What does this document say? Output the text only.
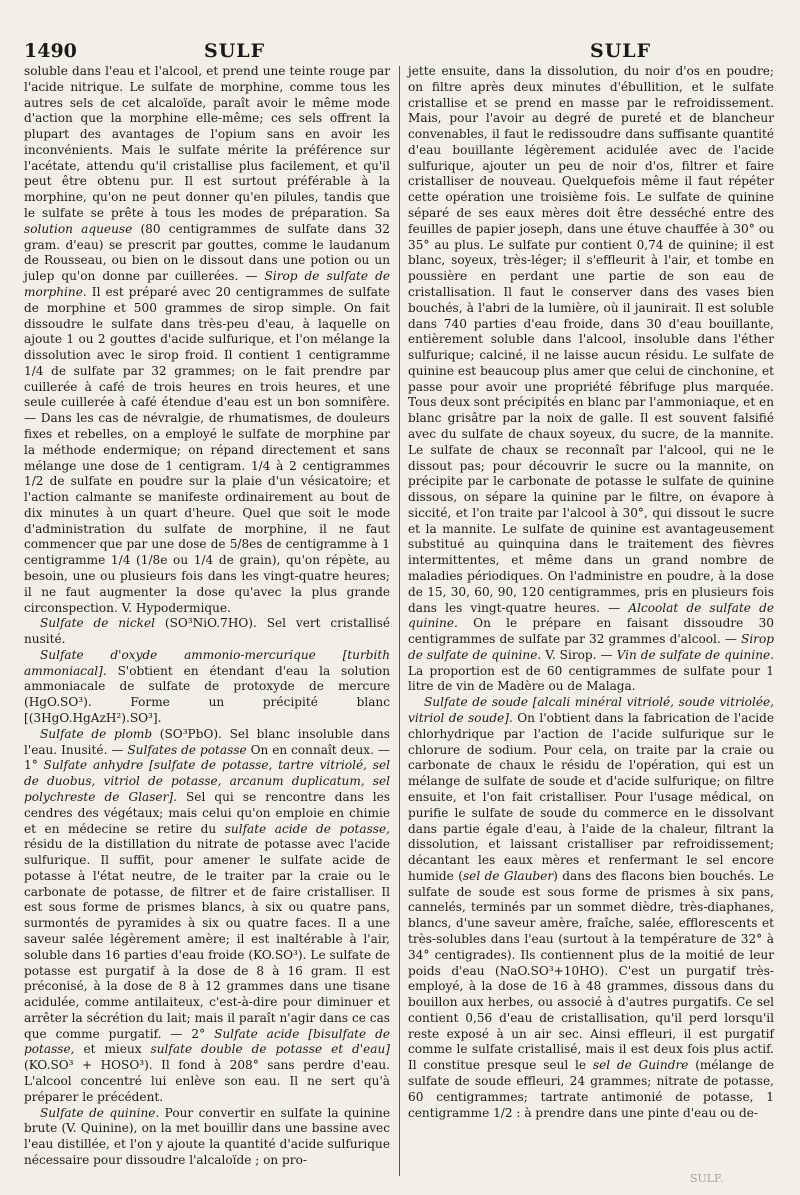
1490	SULF	SULF

soluble dans l'eau et l'alcool, et prend une teinte rouge par l'acide nitrique. Le sulfate de morphine, comme tous les autres sels de cet alcaloïde, paraît avoir le même mode d'action que la morphine elle-même; ces sels offrent la plupart des avantages de l'opium sans en avoir les inconvénients. Mais le sulfate mérite la préférence sur l'acétate, attendu qu'il cristallise plus facilement, et qu'il peut être obtenu pur. Il est surtout préférable à la morphine, qu'on ne peut donner qu'en pilules, tandis que le sulfate se prête à tous les modes de préparation. Sa solution aqueuse (80 centigrammes de sulfate dans 32 gram. d'eau) se prescrit par gouttes, comme le laudanum de Rousseau, ou bien on le dissout dans une potion ou un julep qu'on donne par cuillerées. — Sirop de sulfate de morphine. Il est préparé avec 20 centigrammes de sulfate de morphine et 500 grammes de sirop simple. On fait dissoudre le sulfate dans très-peu d'eau, à laquelle on ajoute 1 ou 2 gouttes d'acide sulfurique, et l'on mélange la dissolution avec le sirop froid. Il contient 1 centigramme 1/4 de sulfate par 32 grammes; on le fait prendre par cuillerée à café de trois heures en trois heures, et une seule cuillerée à café étendue d'eau est un bon somnifère. — Dans les cas de névralgie, de rhumatismes, de douleurs fixes et rebelles, on a employé le sulfate de morphine par la méthode endermique; on répand directement et sans mélange une dose de 1 centigram. 1/4 à 2 centigrammes 1/2 de sulfate en poudre sur la plaie d'un vésicatoire; et l'action calmante se manifeste ordinairement au bout de dix minutes à un quart d'heure. Quel que soit le mode d'administration du sulfate de morphine, il ne faut commencer que par une dose de 5/8es de centigramme à 1 centigramme 1/4 (1/8e ou 1/4 de grain), qu'on répète, au besoin, une ou plusieurs fois dans les vingt-quatre heures; il ne faut augmenter la dose qu'avec la plus grande circonspection. V. Hypodermique.

Sulfate de nickel (SO³NiO.7HO). Sel vert cristallisé nusité.

Sulfate d'oxyde ammonio-mercurique [turbith ammoniacal]. S'obtient en étendant d'eau la solution ammoniacale de sulfate de protoxyde de mercure (HgO.SO³). Forme un précipité blanc [(3HgO.HgAzH²).SO³].

Sulfate de plomb (SO³PbO). Sel blanc insoluble dans l'eau. Inusité. — Sulfates de potasse On en connaît deux. — 1° Sulfate anhydre [sulfate de potasse, tartre vitriolé, sel de duobus, vitriol de potasse, arcanum duplicatum, sel polychreste de Glaser]. Sel qui se rencontre dans les cendres des végétaux; mais celui qu'on emploie en chimie et en médecine se retire du sulfate acide de potasse, résidu de la distillation du nitrate de potasse avec l'acide sulfurique. Il suffit, pour amener le sulfate acide de potasse à l'état neutre, de le traiter par la craie ou le carbonate de potasse, de filtrer et de faire cristalliser. Il est sous forme de prismes blancs, à six ou quatre pans, surmontés de pyramides à six ou quatre faces. Il a une saveur salée légèrement amère; il est inaltérable à l'air, soluble dans 16 parties d'eau froide (KO.SO³). Le sulfate de potasse est purgatif à la dose de 8 à 16 gram. Il est préconisé, à la dose de 8 à 12 grammes dans une tisane acidulée, comme antilaiteux, c'est-à-dire pour diminuer et arrêter la sécrétion du lait; mais il paraît n'agir dans ce cas que comme purgatif. — 2° Sulfate acide [bisulfate de potasse, et mieux sulfate double de potasse et d'eau] (KO.SO³ + HOSO³). Il fond à 208° sans perdre d'eau. L'alcool concentré lui enlève son eau. Il ne sert qu'à préparer le précédent.

Sulfate de quinine. Pour convertir en sulfate la quinine brute (V. Quinine), on la met bouillir dans une bassine avec l'eau distillée, et l'on y ajoute la quantité d'acide sulfurique nécessaire pour dissoudre l'alcaloïde ; on pro-

jette ensuite, dans la dissolution, du noir d'os en poudre; on filtre après deux minutes d'ébullition, et le sulfate cristallise et se prend en masse par le refroidissement. Mais, pour l'avoir au degré de pureté et de blancheur convenables, il faut le redissoudre dans suffisante quantité d'eau bouillante légèrement acidulée avec de l'acide sulfurique, ajouter un peu de noir d'os, filtrer et faire cristalliser de nouveau. Quelquefois même il faut répéter cette opération une troisième fois. Le sulfate de quinine séparé de ses eaux mères doit être desséché entre des feuilles de papier joseph, dans une étuve chauffée à 30° ou 35° au plus. Le sulfate pur contient 0,74 de quinine; il est blanc, soyeux, très-léger; il s'effleurit à l'air, et tombe en poussière en perdant une partie de son eau de cristallisation. Il faut le conserver dans des vases bien bouchés, à l'abri de la lumière, où il jaunirait. Il est soluble dans 740 parties d'eau froide, dans 30 d'eau bouillante, entièrement soluble dans l'alcool, insoluble dans l'éther sulfurique; calciné, il ne laisse aucun résidu. Le sulfate de quinine est beaucoup plus amer que celui de cinchonine, et passe pour avoir une propriété fébrifuge plus marquée. Tous deux sont précipités en blanc par l'ammoniaque, et en blanc grisâtre par la noix de galle. Il est souvent falsifié avec du sulfate de chaux soyeux, du sucre, de la mannite. Le sulfate de chaux se reconnaît par l'alcool, qui ne le dissout pas; pour découvrir le sucre ou la mannite, on précipite par le carbonate de potasse le sulfate de quinine dissous, on sépare la quinine par le filtre, on évapore à siccité, et l'on traite par l'alcool à 30°, qui dissout le sucre et la mannite. Le sulfate de quinine est avantageusement substitué au quinquina dans le traitement des fièvres intermittentes, et même dans un grand nombre de maladies périodiques. On l'administre en poudre, à la dose de 15, 30, 60, 90, 120 centigrammes, pris en plusieurs fois dans les vingt-quatre heures. — Alcoolat de sulfate de quinine. On le prépare en faisant dissoudre 30 centigrammes de sulfate par 32 grammes d'alcool. — Sirop de sulfate de quinine. V. Sirop. — Vin de sulfate de quinine. La proportion est de 60 centigrammes de sulfate pour 1 litre de vin de Madère ou de Malaga.

Sulfate de soude [alcali minéral vitriolé, soude vitriolée, vitriol de soude]. On l'obtient dans la fabrication de l'acide chlorhydrique par l'action de l'acide sulfurique sur le chlorure de sodium. Pour cela, on traite par la craie ou carbonate de chaux le résidu de l'opération, qui est un mélange de sulfate de soude et d'acide sulfurique; on filtre ensuite, et l'on fait cristalliser. Pour l'usage médical, on purifie le sulfate de soude du commerce en le dissolvant dans partie égale d'eau, à l'aide de la chaleur, filtrant la dissolution, et laissant cristalliser par refroidissement; décantant les eaux mères et renfermant le sel encore humide (sel de Glauber) dans des flacons bien bouchés. Le sulfate de soude est sous forme de prismes à six pans, cannelés, terminés par un sommet dièdre, très-diaphanes, blancs, d'une saveur amère, fraîche, salée, efflorescents et très-solubles dans l'eau (surtout à la température de 32° à 34° centigrades). Ils contiennent plus de la moitié de leur poids d'eau (NaO.SO³+10HO). C'est un purgatif très-employé, à la dose de 16 à 48 grammes, dissous dans du bouillon aux herbes, ou associé à d'autres purgatifs. Ce sel contient 0,56 d'eau de cristallisation, qu'il perd lorsqu'il reste exposé à un air sec. Ainsi effleuri, il est purgatif comme le sulfate cristallisé, mais il est deux fois plus actif. Il constitue presque seul le sel de Guindre (mélange de sulfate de soude effleuri, 24 grammes; nitrate de potasse, 60 centigrammes; tartrate antimonié de potasse, 1 centigramme 1/2 : à prendre dans une pinte d'eau ou de-

SULF.
